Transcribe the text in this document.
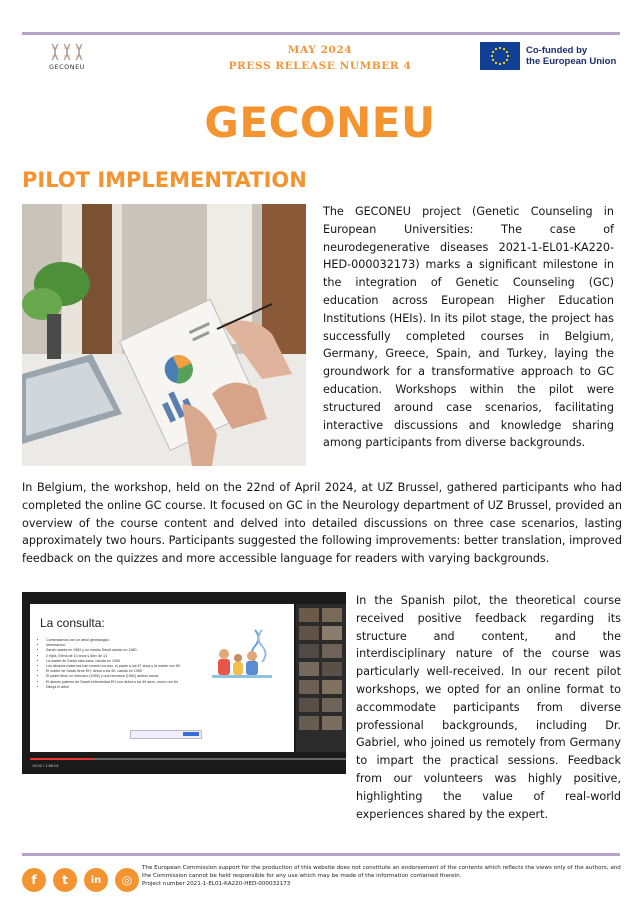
GECONEU
MAY 2024
PRESS RELEASE NUMBER 4
Co-funded by
the European Union
GECONEU
PILOT IMPLEMENTATION

The GECONEU project (Genetic Counseling in European Universities: The case of neurodegenerative diseases 2021-1-EL01-KA220-HED-000032173) marks a significant milestone in the integration of Genetic Counseling (GC) education across European Higher Education Institutions (HEIs). In its pilot stage, the project has successfully completed courses in Belgium, Germany, Greece, Spain, and Turkey, laying the groundwork for a transformative approach to GC education. Workshops within the pilot were structured around case scenarios, facilitating interactive discussions and knowledge sharing among participants from diverse backgrounds.

In Belgium, the workshop, held on the 22nd of April 2024, at UZ Brussel, gathered participants who had completed the online GC course. It focused on GC in the Neurology department of UZ Brussel, provided an overview of the course content and delved into detailed discussions on three case scenarios, lasting approximately two hours. Participants suggested the following improvements: better translation, improved feedback on the quizzes and more accessible language for readers with varying backgrounds.

La consulta:
• Comenzamos con un arbol genealogico
• Informacion:
• Sarah nacida en 1983 y su marido David nacido en 1980
• 2 hijos, Elena de 10 anos y Alex de 13
• La madre de Sarah esta sana, nacida en 1955
• Los abuelos maternos han muerto los dos, el padre a los 67 anos y la madre con 89
• El madre de Sarah tiene EH, debut a los 50, nacido en 1959
• El padre tiene un hermano (1955) y una hermana (1962) ambos sanos
• El abuelo paterno de Sarah enfermedad EH con debut a los 49 anos, murio con 64
• Dibuja el arbol
15:02 / 1:56:01

In the Spanish pilot, the theoretical course received positive feedback regarding its structure and content, and the interdisciplinary nature of the course was particularly well-received. In our recent pilot workshops, we opted for an online format to accommodate participants from diverse professional backgrounds, including Dr. Gabriel, who joined us remotely from Germany to impart the practical sessions. Feedback from our volunteers was highly positive, highlighting the value of real-world experiences shared by the expert.

f	t	in	◎
The European Commission support for the production of this website does not constitute an endorsement of the contents which reflects the views only of the authors, and the Commission cannot be held responsible for any use which may be made of the information contained therein.
Project number 2021-1-EL01-KA220-HED-000032173
